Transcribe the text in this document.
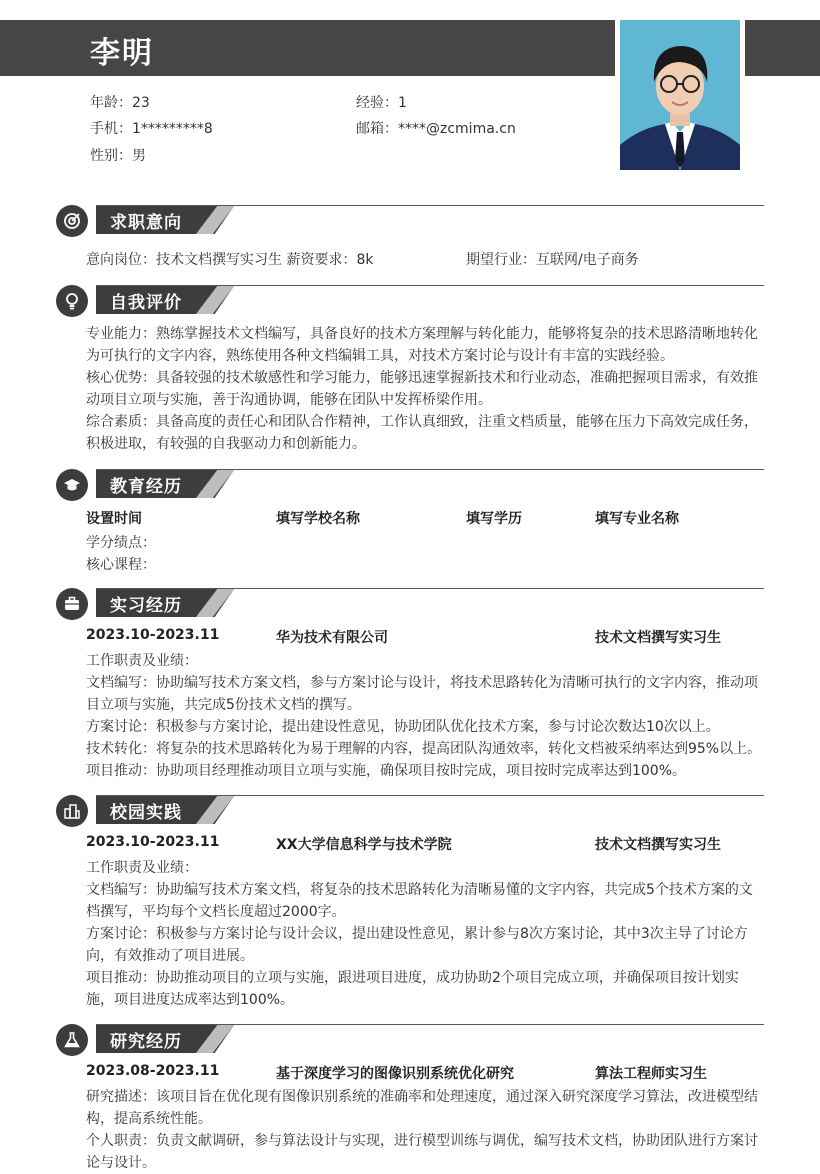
李明
年龄：23	经验：1
手机：1*********8	邮箱：****@zcmima.cn
性别：男
求职意向
意向岗位：技术文档撰写实习生 薪资要求：8k	期望行业：互联网/电子商务
自我评价
专业能力：熟练掌握技术文档编写，具备良好的技术方案理解与转化能力，能够将复杂的技术思路清晰地转化
为可执行的文字内容，熟练使用各种文档编辑工具，对技术方案讨论与设计有丰富的实践经验。
核心优势：具备较强的技术敏感性和学习能力，能够迅速掌握新技术和行业动态，准确把握项目需求，有效推
动项目立项与实施，善于沟通协调，能够在团队中发挥桥梁作用。
综合素质：具备高度的责任心和团队合作精神，工作认真细致，注重文档质量，能够在压力下高效完成任务，
积极进取，有较强的自我驱动力和创新能力。
教育经历
设置时间	填写学校名称	填写学历	填写专业名称
学分绩点：
核心课程：
实习经历
2023.10-2023.11	华为技术有限公司	技术文档撰写实习生
工作职责及业绩：
文档编写：协助编写技术方案文档，参与方案讨论与设计，将技术思路转化为清晰可执行的文字内容，推动项
目立项与实施，共完成5份技术文档的撰写。
方案讨论：积极参与方案讨论，提出建设性意见，协助团队优化技术方案，参与讨论次数达10次以上。
技术转化：将复杂的技术思路转化为易于理解的内容，提高团队沟通效率，转化文档被采纳率达到95%以上。
项目推动：协助项目经理推动项目立项与实施，确保项目按时完成，项目按时完成率达到100%。
校园实践
2023.10-2023.11	XX大学信息科学与技术学院	技术文档撰写实习生
工作职责及业绩：
文档编写：协助编写技术方案文档，将复杂的技术思路转化为清晰易懂的文字内容，共完成5个技术方案的文
档撰写，平均每个文档长度超过2000字。
方案讨论：积极参与方案讨论与设计会议，提出建设性意见，累计参与8次方案讨论，其中3次主导了讨论方
向，有效推动了项目进展。
项目推动：协助推动项目的立项与实施，跟进项目进度，成功协助2个项目完成立项，并确保项目按计划实
施，项目进度达成率达到100%。
研究经历
2023.08-2023.11	基于深度学习的图像识别系统优化研究	算法工程师实习生
研究描述：该项目旨在优化现有图像识别系统的准确率和处理速度，通过深入研究深度学习算法，改进模型结
构，提高系统性能。
个人职责：负责文献调研，参与算法设计与实现，进行模型训练与调优，编写技术文档，协助团队进行方案讨
论与设计。
